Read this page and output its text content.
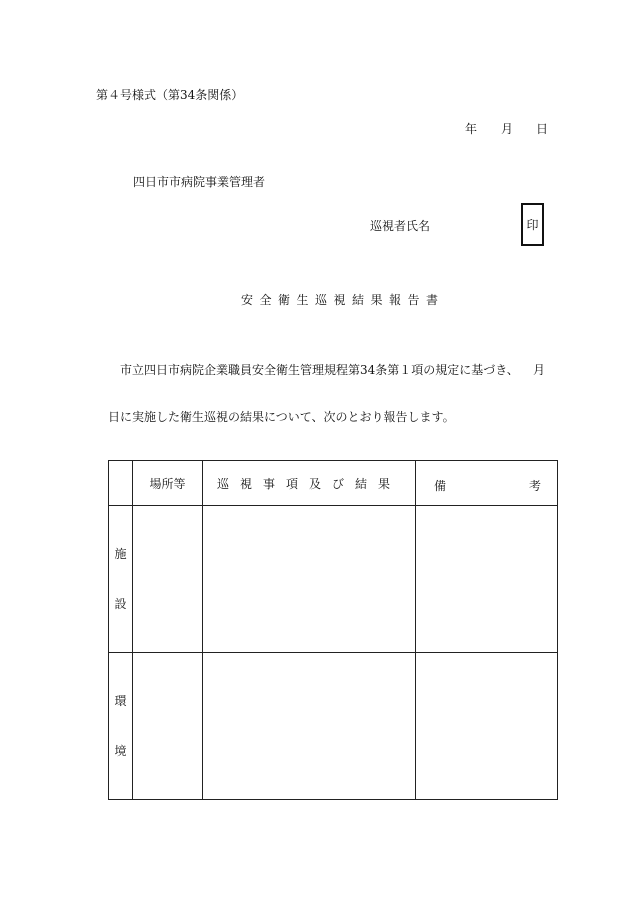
第４号様式（第34条関係）
年 月 日
四日市市病院事業管理者
巡視者氏名	印
安全衛生巡視結果報告書
市立四日市病院企業職員安全衛生管理規程第34条第１項の規定に基づき、 月
日に実施した衛生巡視の結果について、次のとおり報告します。
	場所等	巡視事項及び結果	備 考

施
設			

環
境			
